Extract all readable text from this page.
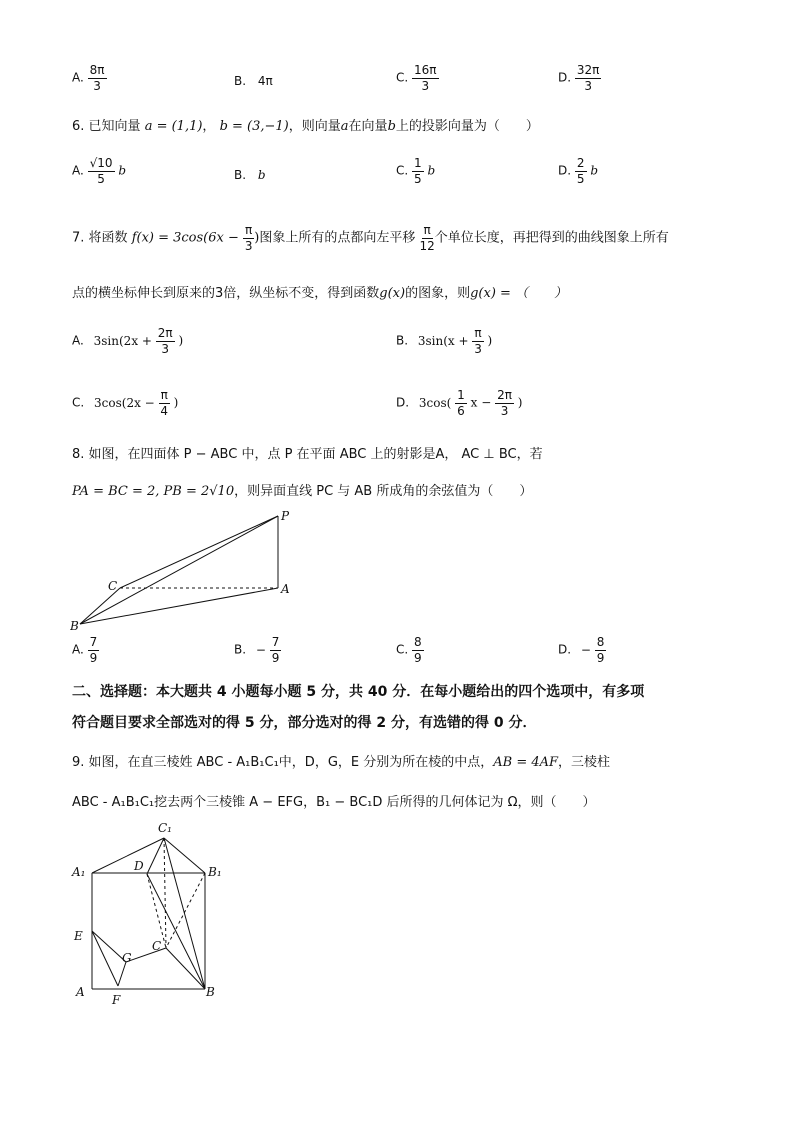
A. $\frac{8\pi}{3}$	B. 4π	C. $\frac{16\pi}{3}$	D. $\frac{32\pi}{3}$
6. 已知向量 a = (1,1)， b = (3,−1)，则向量a在向量b上的投影向量为（　　）
A. $\frac{√10}{5}$ b	B. b	C. $\frac{1}{5}$ b	D. $\frac{2}{5}$ b
7. 将函数 $f(x) = 3\cos(6x - \frac{\pi}{3}$ )图象上所有的点都向左平移 $\frac{\pi}{12}$ 个单位长度，再把得到的曲线图象上所有
点的横坐标伸长到原来的3倍，纵坐标不变，得到函数g(x)的图象，则g(x) = （　　）
A. $3\sin(2x + \frac{2\pi}{3}$ )	B. $3\sin(x + \frac{\pi}{3}$ )
C. $3\cos(2x - \frac{\pi}{4}$ )	D. $3\cos( \frac{1}{6}$ $x - \frac{2\pi}{3}$ )
8. 如图，在四面体 P − ABC 中，点 P 在平面 ABC 上的射影是A， AC ⊥ BC，若
PA = BC = 2, PB = 2√10，则异面直线 PC 与 AB 所成角的余弦值为（　　）
P
C	A
B
A. $\frac{7}{9}$	B. − $\frac{7}{9}$	C. $\frac{8}{9}$	D. − $\frac{8}{9}$
二、选择题：本大题共 4 小题每小题 5 分，共 40 分．在每小题给出的四个选项中，有多项
符合题目要求全部选对的得 5 分，部分选对的得 2 分，有选错的得 0 分．
9. 如图，在直三棱姓 ABC - A₁B₁C₁中，D，G，E 分别为所在棱的中点，AB = 4AF，三棱柱
ABC - A₁B₁C₁挖去两个三棱锥 A − EFG，B₁ − BC₁D 后所得的几何体记为 Ω，则（　　）
C₁
D
A₁	B₁
E
C
G
A
F
B
